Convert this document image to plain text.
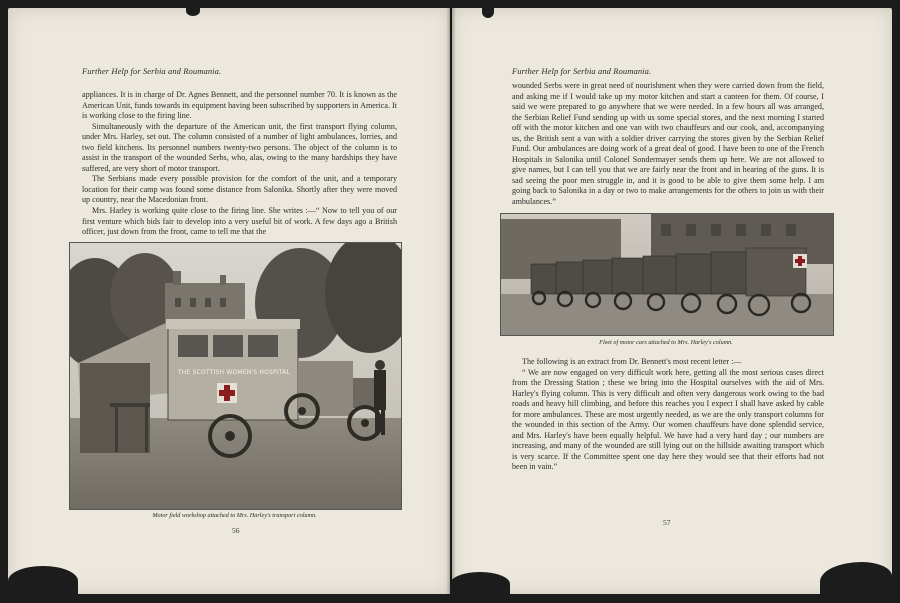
Further Help for Serbia and Roumania.

appliances. It is in charge of Dr. Agnes Bennett, and the personnel number 70. It is known as the American Unit, funds towards its equipment having been subscribed by supporters in America. It is working close to the firing line.

Simultaneously with the departure of the American unit, the first transport flying column, under Mrs. Harley, set out. The column consisted of a number of light ambulances, lorries, and two field kitchens. Its personnel numbers twenty-two persons. The object of the column is to assist in the transport of the wounded Serbs, who, alas, owing to the many hardships they have suffered, are very short of motor transport.

The Serbians made every possible provision for the comfort of the unit, and a temporary location for their camp was found some distance from Salonika. Shortly after they were moved up country, near the Macedonian front.

Mrs. Harley is working quite close to the firing line. She writes :—“ Now to tell you of our first venture which bids fair to develop into a very useful bit of work. A few days ago a British officer, just down from the front, came to tell me that the

THE SCOTTISH WOMEN'S HOSPITAL
Motor field workshop attached to Mrs. Harley's transport column.
56
Further Help for Serbia and Roumania.

wounded Serbs were in great need of nourishment when they were carried down from the field, and asking me if I would take up my motor kitchen and start a canteen for them. Of course, I said we were prepared to go anywhere that we were needed. In a few hours all was arranged, the Serbian Relief Fund sending up with us some special stores, and the next morning I started off with the motor kitchen and one van with two chauffeurs and our cook, and, accompanying us, the British sent a van with a soldier driver carrying the stores given by the Serbian Relief Fund. Our ambulances are doing work of a great deal of good. I have been to one of the French Hospitals in Salonika until Colonel Sondermayer sends them up here. We are not allowed to give names, but I can tell you that we are fairly near the front and in hearing of the guns. It is sad seeing the poor men struggle in, and it is good to be able to give them some help. I am going back to Salonika in a day or two to make arrangements for the others to join us with their ambulances.”

Fleet of motor cars attached to Mrs. Harley's column.

The following is an extract from Dr. Bennett's most recent letter :—

“ We are now engaged on very difficult work here, getting all the most serious cases direct from the Dressing Station ; these we bring into the Hospital ourselves with the aid of Mrs. Harley's flying column. This is very difficult and often very dangerous work owing to the bad roads and heavy hill climbing, and before this reaches you I expect I shall have asked by cable for more ambulances. These are most urgently needed, as we are the only transport columns for the wounded in this section of the Army. Our women chauffeurs have done splendid service, and Mrs. Harley's have been equally helpful. We have had a very hard day ; our numbers are increasing, and many of the wounded are still lying out on the hillside awaiting transport which is very scarce. If the Committee spent one day here they would see that their efforts had not been in vain.”

57
